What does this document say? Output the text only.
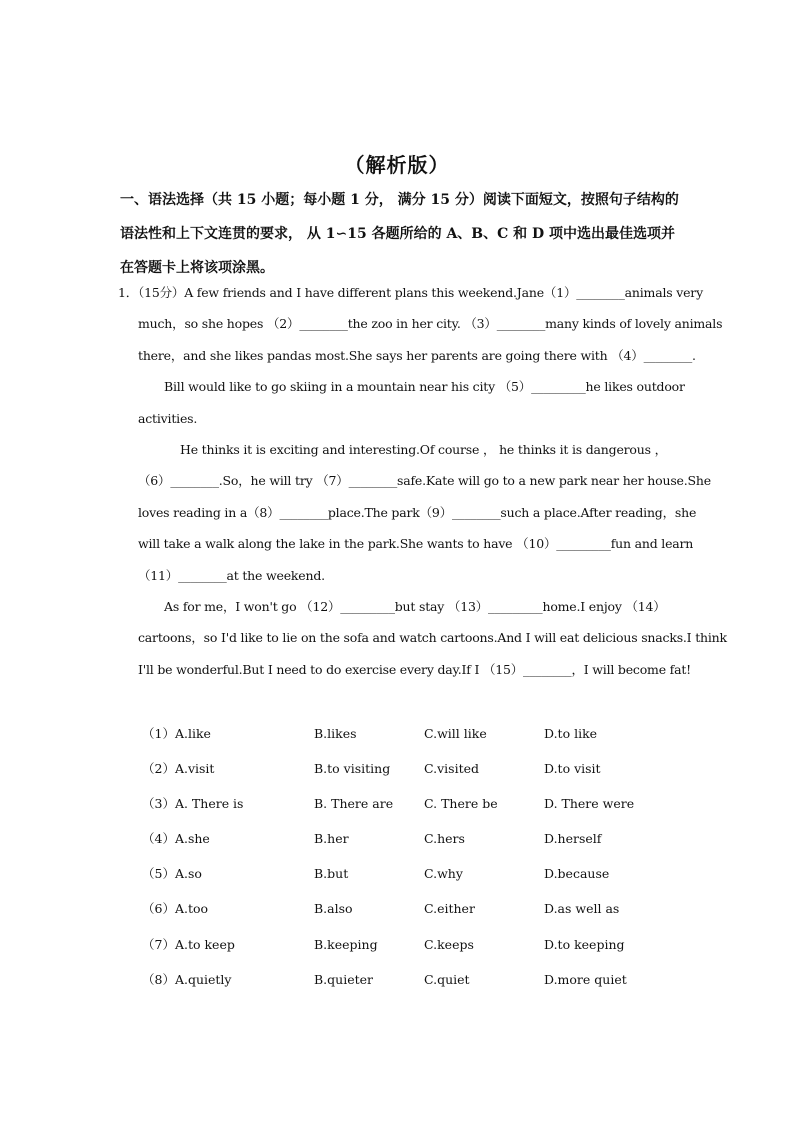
（解析版）
一、语法选择（共 15 小题；每小题 1 分， 满分 15 分）阅读下面短文，按照句子结构的
语法性和上下文连贯的要求， 从 1∽15 各题所给的 A、B、C 和 D 项中选出最佳选项并
在答题卡上将该项涂黑。
1．（15分）A few friends and I have different plans this weekend.Jane（1）________animals very
much，so she hopes （2）________the zoo in her city. （3）________many kinds of lovely animals
there，and she likes pandas most.She says her parents are going there with （4）________.
Bill would like to go skiing in a mountain near his city （5）_________he likes outdoor
activities.
He thinks it is exciting and interesting.Of course ， he thinks it is dangerous ，
（6）________.So，he will try （7）________safe.Kate will go to a new park near her house.She
loves reading in a（8）________place.The park（9）________such a place.After reading，she
will take a walk along the lake in the park.She wants to have （10）_________fun and learn
（11）________at the weekend.
As for me，I won't go （12）_________but stay （13）_________home.I enjoy （14）
cartoons，so I'd like to lie on the sofa and watch cartoons.And I will eat delicious snacks.I think
I'll be wonderful.But I need to do exercise every day.If I （15）________，I will become fat!
（1）A.like	B.likes	C.will like	D.to like
（2）A.visit	B.to visiting	C.visited	D.to visit
（3）A. There is	B. There are C. There be	D. There were
（4）A.she	B.her	C.hers	D.herself
（5）A.so	B.but	C.why	D.because
（6）A.too	B.also	C.either	D.as well as
（7）A.to keep	B.keeping	C.keeps	D.to keeping
（8）A.quietly	B.quieter	C.quiet	D.more quiet
